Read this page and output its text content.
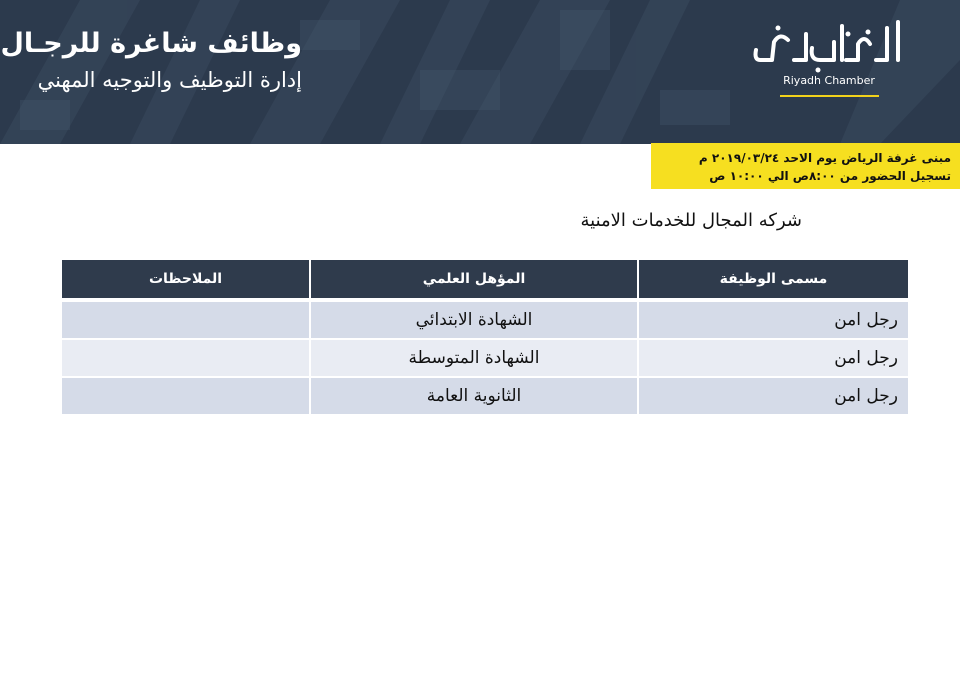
وظائف شاغرة للرجـال
إدارة التوظيف والتوجيه المهني	Riyadh Chamber
مبنى غرفة الرياض يوم الاحد ٢٠١٩/٠٣/٢٤ م
تسجيل الحضور من ٨:٠٠ص الي ١٠:٠٠ ص
شركه المجال للخدمات الامنية
مسمى الوظيفة	المؤهل العلمي	الملاحظات
رجل امن	الشهادة الابتدائي	
رجل امن	الشهادة المتوسطة	
رجل امن	الثانوية العامة	
